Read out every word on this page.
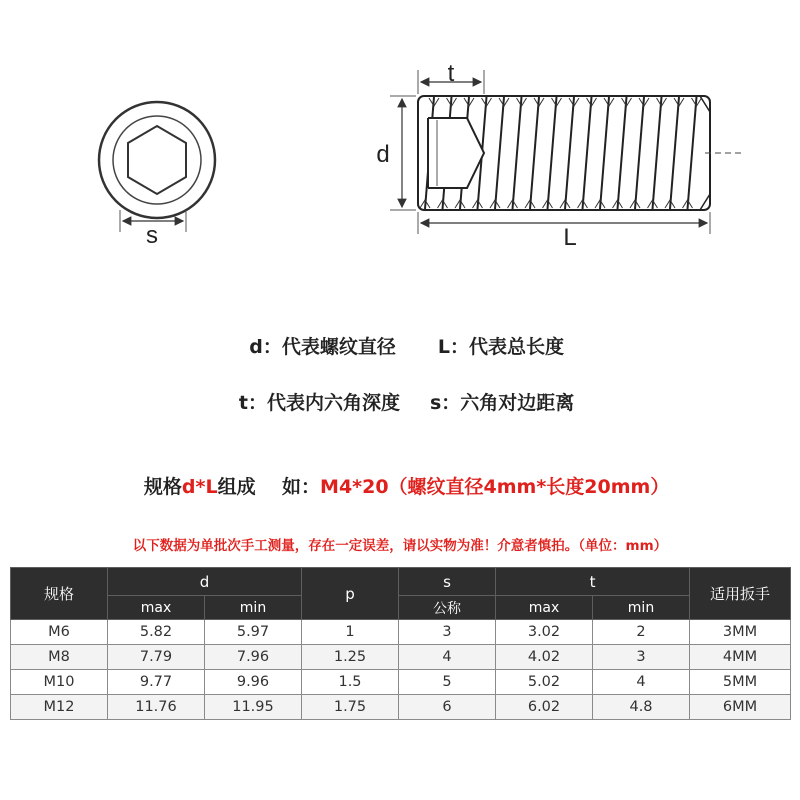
s
t
d
L

d：代表螺纹直径 L：代表总长度

t：代表内六角深度 s：六角对边距离

规格d*L组成    如：M4*20（螺纹直径4mm*长度20mm）

以下数据为单批次手工测量，存在一定误差，请以实物为准！介意者慎拍。（单位：mm）
规格	d		p	s	t		适用扳手
	max	min		公称	max	min	
M6	5.82	5.97	1	3	3.02	2	3MM
M8	7.79	7.96	1.25	4	4.02	3	4MM
M10	9.77	9.96	1.5	5	5.02	4	5MM
M12	11.76	11.95	1.75	6	6.02	4.8	6MM
